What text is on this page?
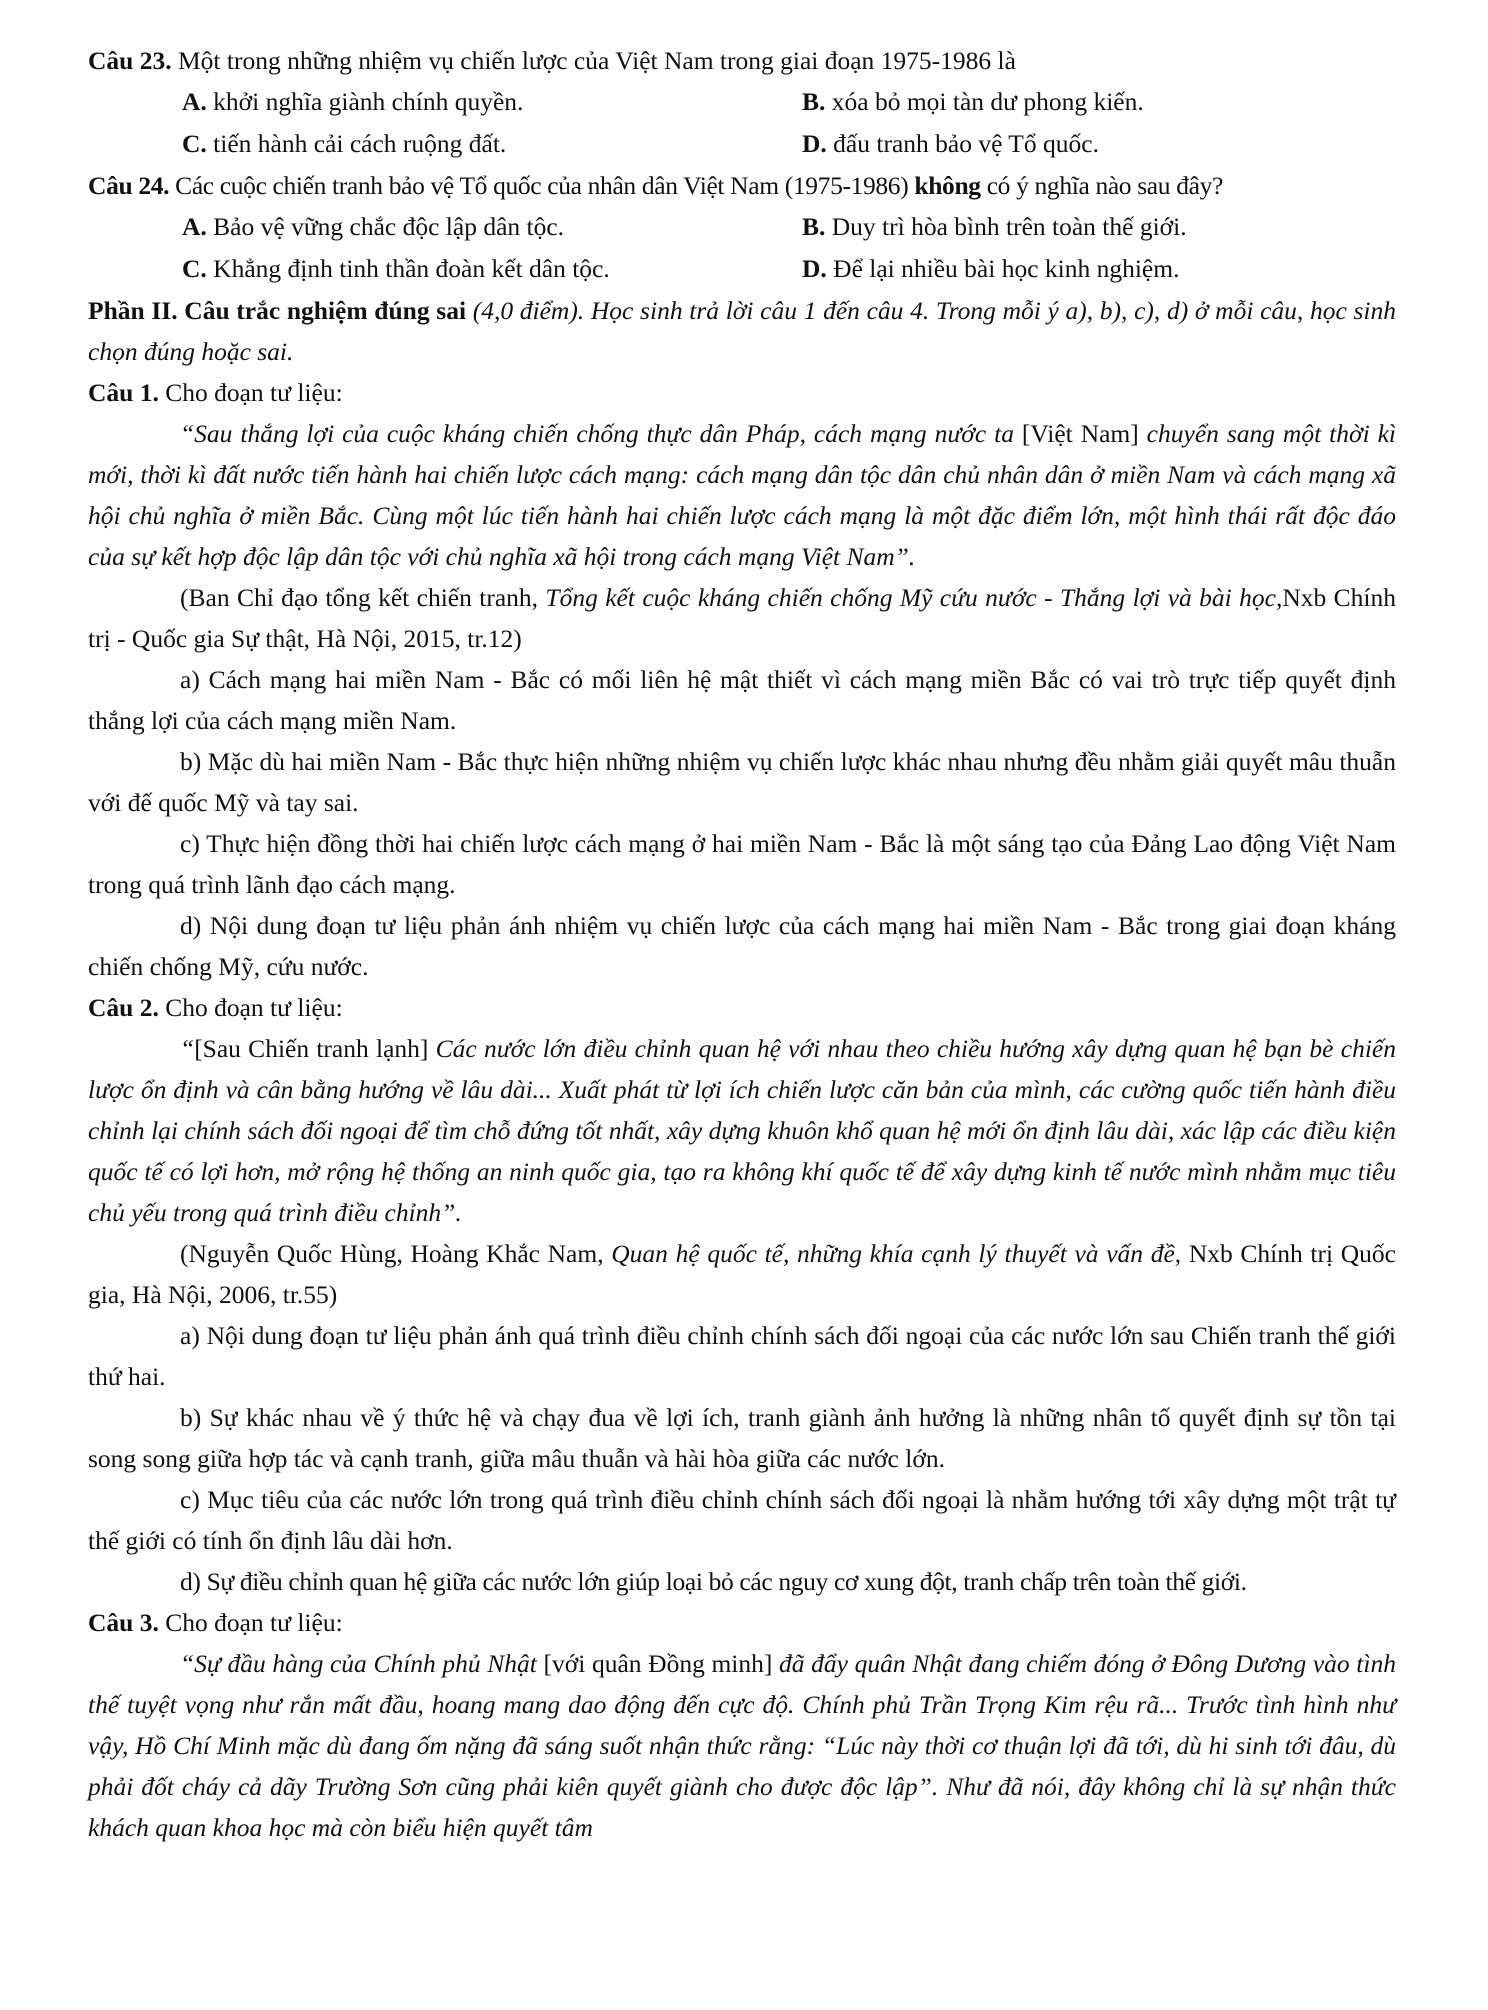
Câu 23. Một trong những nhiệm vụ chiến lược của Việt Nam trong giai đoạn 1975-1986 là

A. khởi nghĩa giành chính quyền.	B. xóa bỏ mọi tàn dư phong kiến.
C. tiến hành cải cách ruộng đất.	D. đấu tranh bảo vệ Tổ quốc.

Câu 24. Các cuộc chiến tranh bảo vệ Tổ quốc của nhân dân Việt Nam (1975-1986) không có ý nghĩa nào sau đây?

A. Bảo vệ vững chắc độc lập dân tộc.	B. Duy trì hòa bình trên toàn thế giới.
C. Khẳng định tinh thần đoàn kết dân tộc.	D. Để lại nhiều bài học kinh nghiệm.

Phần II. Câu trắc nghiệm đúng sai (4,0 điểm). Học sinh trả lời câu 1 đến câu 4. Trong mỗi ý a), b), c), d) ở mỗi câu, học sinh chọn đúng hoặc sai.

Câu 1. Cho đoạn tư liệu:

“Sau thắng lợi của cuộc kháng chiến chống thực dân Pháp, cách mạng nước ta [Việt Nam] chuyển sang một thời kì mới, thời kì đất nước tiến hành hai chiến lược cách mạng: cách mạng dân tộc dân chủ nhân dân ở miền Nam và cách mạng xã hội chủ nghĩa ở miền Bắc. Cùng một lúc tiến hành hai chiến lược cách mạng là một đặc điểm lớn, một hình thái rất độc đáo của sự kết hợp độc lập dân tộc với chủ nghĩa xã hội trong cách mạng Việt Nam”.

(Ban Chỉ đạo tổng kết chiến tranh, Tổng kết cuộc kháng chiến chống Mỹ cứu nước - Thắng lợi và bài học,Nxb Chính trị - Quốc gia Sự thật, Hà Nội, 2015, tr.12)

a) Cách mạng hai miền Nam - Bắc có mối liên hệ mật thiết vì cách mạng miền Bắc có vai trò trực tiếp quyết định thắng lợi của cách mạng miền Nam.

b) Mặc dù hai miền Nam - Bắc thực hiện những nhiệm vụ chiến lược khác nhau nhưng đều nhằm giải quyết mâu thuẫn với đế quốc Mỹ và tay sai.

c) Thực hiện đồng thời hai chiến lược cách mạng ở hai miền Nam - Bắc là một sáng tạo của Đảng Lao động Việt Nam trong quá trình lãnh đạo cách mạng.

d) Nội dung đoạn tư liệu phản ánh nhiệm vụ chiến lược của cách mạng hai miền Nam - Bắc trong giai đoạn kháng chiến chống Mỹ, cứu nước.

Câu 2. Cho đoạn tư liệu:

“[Sau Chiến tranh lạnh] Các nước lớn điều chỉnh quan hệ với nhau theo chiều hướng xây dựng quan hệ bạn bè chiến lược ổn định và cân bằng hướng về lâu dài... Xuất phát từ lợi ích chiến lược căn bản của mình, các cường quốc tiến hành điều chỉnh lại chính sách đối ngoại để tìm chỗ đứng tốt nhất, xây dựng khuôn khổ quan hệ mới ổn định lâu dài, xác lập các điều kiện quốc tế có lợi hơn, mở rộng hệ thống an ninh quốc gia, tạo ra không khí quốc tế để xây dựng kinh tế nước mình nhằm mục tiêu chủ yếu trong quá trình điều chỉnh”.

(Nguyễn Quốc Hùng, Hoàng Khắc Nam, Quan hệ quốc tế, những khía cạnh lý thuyết và vấn đề, Nxb Chính trị Quốc gia, Hà Nội, 2006, tr.55)

a) Nội dung đoạn tư liệu phản ánh quá trình điều chỉnh chính sách đối ngoại của các nước lớn sau Chiến tranh thế giới thứ hai.

b) Sự khác nhau về ý thức hệ và chạy đua về lợi ích, tranh giành ảnh hưởng là những nhân tố quyết định sự tồn tại song song giữa hợp tác và cạnh tranh, giữa mâu thuẫn và hài hòa giữa các nước lớn.

c) Mục tiêu của các nước lớn trong quá trình điều chỉnh chính sách đối ngoại là nhằm hướng tới xây dựng một trật tự thế giới có tính ổn định lâu dài hơn.

d) Sự điều chỉnh quan hệ giữa các nước lớn giúp loại bỏ các nguy cơ xung đột, tranh chấp trên toàn thế giới.

Câu 3. Cho đoạn tư liệu:

“Sự đầu hàng của Chính phủ Nhật [với quân Đồng minh] đã đẩy quân Nhật đang chiếm đóng ở Đông Dương vào tình thế tuyệt vọng như rắn mất đầu, hoang mang dao động đến cực độ. Chính phủ Trần Trọng Kim rệu rã... Trước tình hình như vậy, Hồ Chí Minh mặc dù đang ốm nặng đã sáng suốt nhận thức rằng: “Lúc này thời cơ thuận lợi đã tới, dù hi sinh tới đâu, dù phải đốt cháy cả dãy Trường Sơn cũng phải kiên quyết giành cho được độc lập”. Như đã nói, đây không chỉ là sự nhận thức khách quan khoa học mà còn biểu hiện quyết tâm
